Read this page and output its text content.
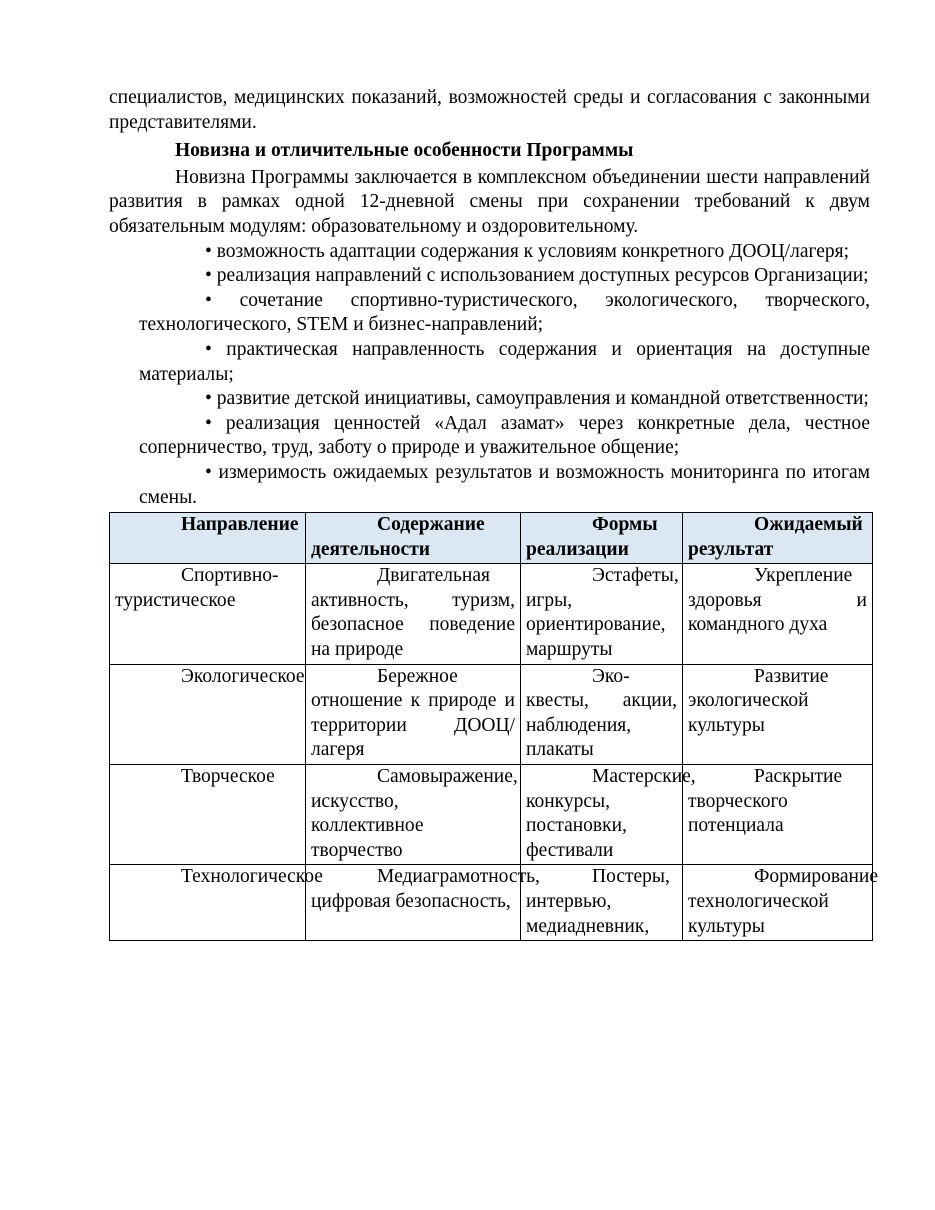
специалистов, медицинских показаний, возможностей среды и согласования с законными представителями.

Новизна и отличительные особенности Программы

Новизна Программы заключается в комплексном объединении шести направлений развития в рамках одной 12-дневной смены при сохранении требований к двум обязательным модулям: образовательному и оздоровительному.

• возможность адаптации содержания к условиям конкретного ДООЦ/лагеря;

• реализация направлений с использованием доступных ресурсов Организации;

• сочетание спортивно-туристического, экологического, творческого, технологического, STEM и бизнес-направлений;

• практическая направленность содержания и ориентация на доступные материалы;

• развитие детской инициативы, самоуправления и командной ответственности;

• реализация ценностей «Адал азамат» через конкретные дела, честное соперничество, труд, заботу о природе и уважительное общение;

• измеримость ожидаемых результатов и возможность мониторинга по итогам смены.

Направление	Содержание деятельности	Формы реализации	Ожидаемый результат
Спортивно-туристическое	Двигательная активность, туризм, безопасное поведение на природе	Эстафеты, игры, ориентирование, маршруты	Укрепление здоровья и командного духа
Экологическое	Бережное отношение к природе и территории ДООЦ/лагеря	Эко-квесты, акции, наблюдения, плакаты	Развитие экологической культуры
Творческое	Самовыражение, искусство, коллективное творчество	Мастерские, конкурсы, постановки, фестивали	Раскрытие творческого потенциала
Технологическое	Медиаграмотность, цифровая безопасность,	Постеры, интервью, медиадневник,	Формирование технологической культуры
